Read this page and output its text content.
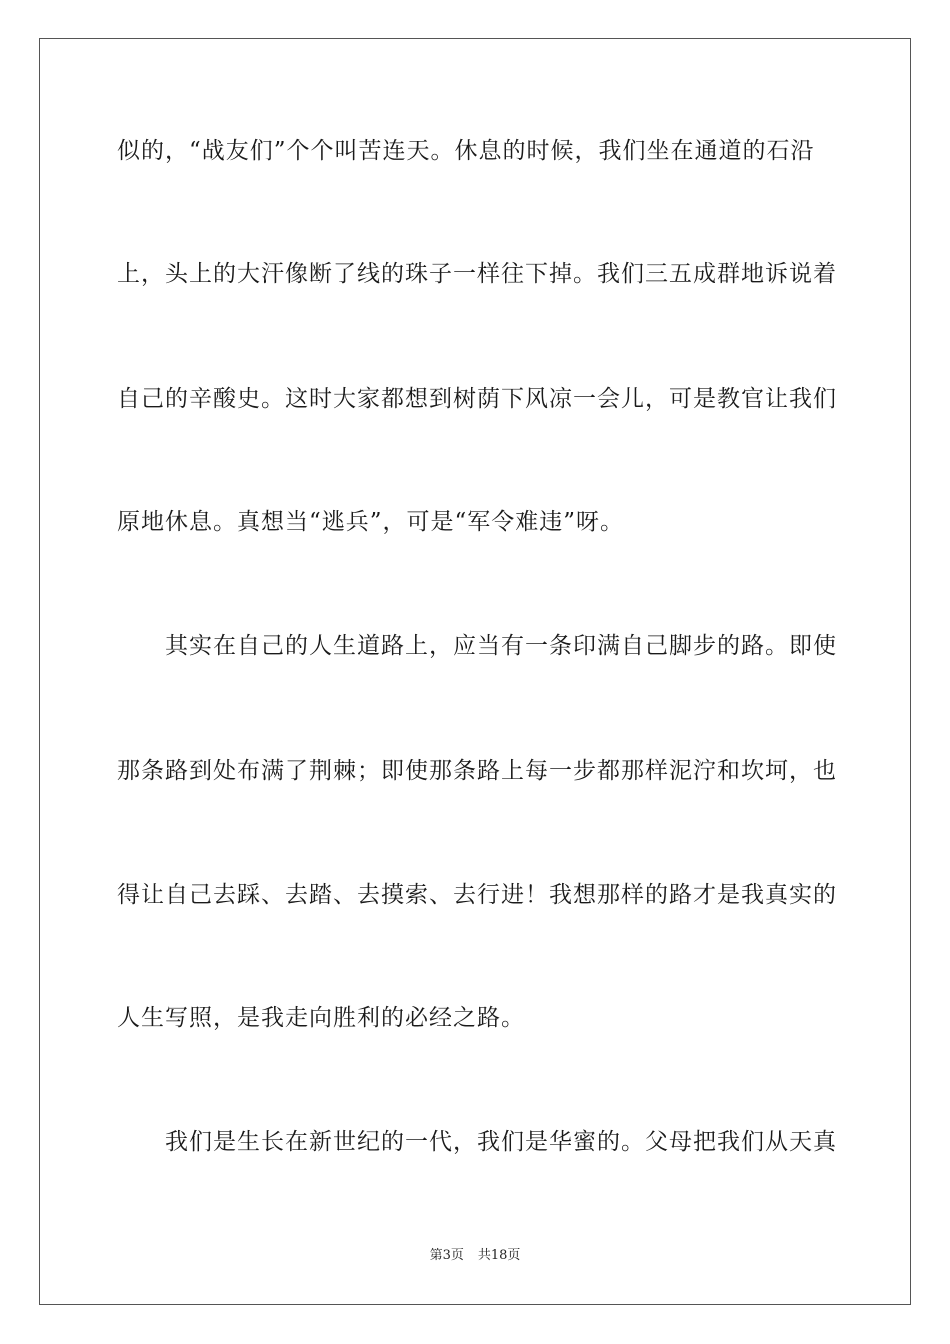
似的，“战友们”个个叫苦连天。休息的时候，我们坐在通道的石沿
上，头上的大汗像断了线的珠子一样往下掉。我们三五成群地诉说着
自己的辛酸史。这时大家都想到树荫下风凉一会儿，可是教官让我们
原地休息。真想当“逃兵”，可是“军令难违”呀。
其实在自己的人生道路上，应当有一条印满自己脚步的路。即使
那条路到处布满了荆棘；即使那条路上每一步都那样泥泞和坎坷，也
得让自己去踩、去踏、去摸索、去行进！我想那样的路才是我真实的
人生写照，是我走向胜利的必经之路。
我们是生长在新世纪的一代，我们是华蜜的。父母把我们从天真
第3页 共18页
